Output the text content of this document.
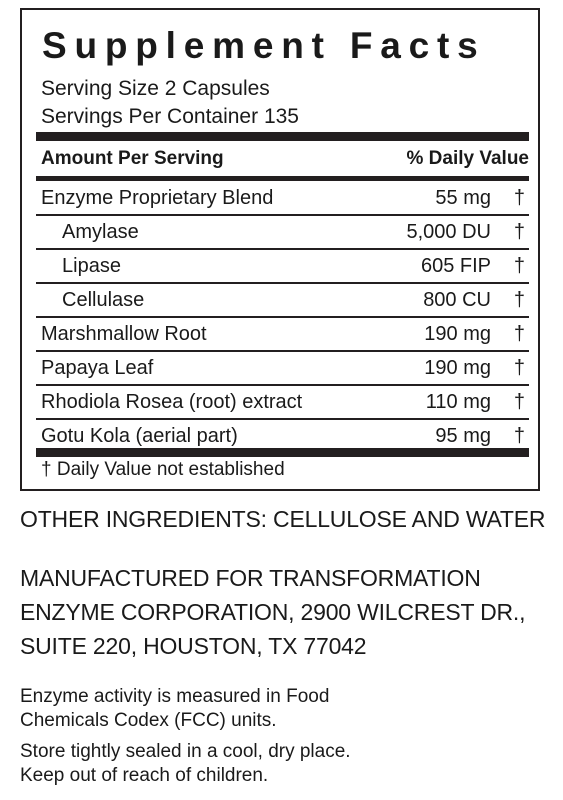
Supplement Facts
Serving Size 2 Capsules
Servings Per Container 135
Amount Per Serving	% Daily Value
Enzyme Proprietary Blend	55 mg †
Amylase	5,000 DU †
Lipase	605 FIP †
Cellulase	800 CU †
Marshmallow Root	190 mg †
Papaya Leaf	190 mg †
Rhodiola Rosea (root) extract	110 mg †
Gotu Kola (aerial part)	95 mg †
† Daily Value not established
OTHER INGREDIENTS: CELLULOSE AND WATER
MANUFACTURED FOR TRANSFORMATION
ENZYME CORPORATION, 2900 WILCREST DR.,
SUITE 220, HOUSTON, TX 77042
Enzyme activity is measured in Food
Chemicals Codex (FCC) units.
Store tightly sealed in a cool, dry place.
Keep out of reach of children.
